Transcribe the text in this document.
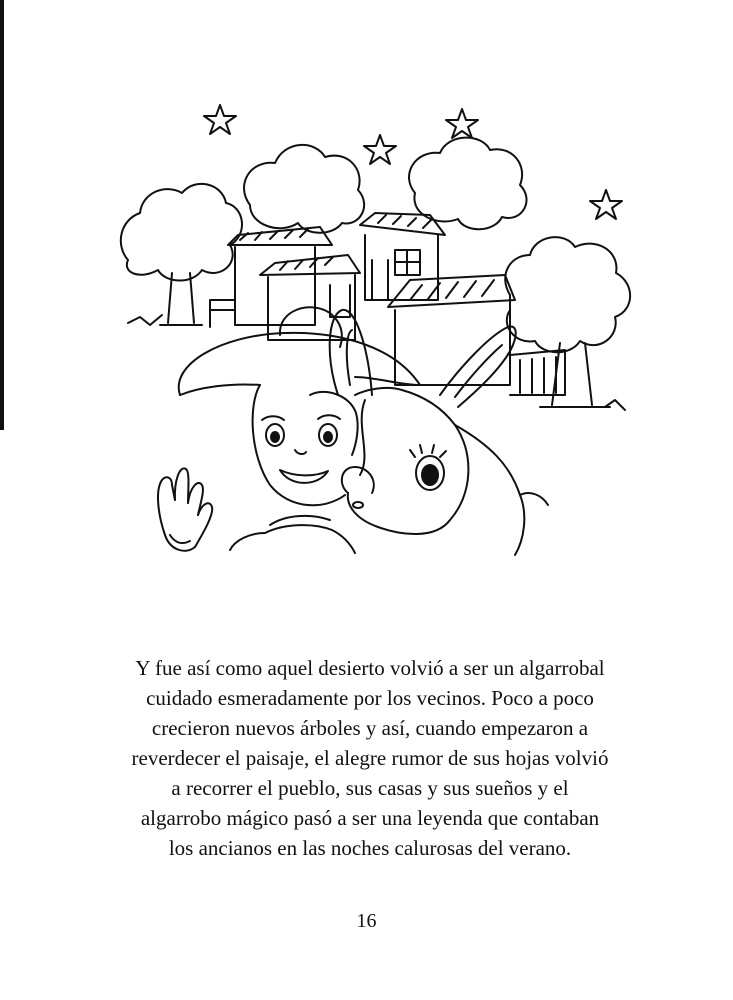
Y fue así como aquel desierto volvió a ser un algarrobal
cuidado esmeradamente por los vecinos. Poco a poco
crecieron nuevos árboles y así, cuando empezaron a
reverdecer el paisaje, el alegre rumor de sus hojas volvió
a recorrer el pueblo, sus casas y sus sueños y el
algarrobo mágico pasó a ser una leyenda que contaban
los ancianos en las noches calurosas del verano.
16
